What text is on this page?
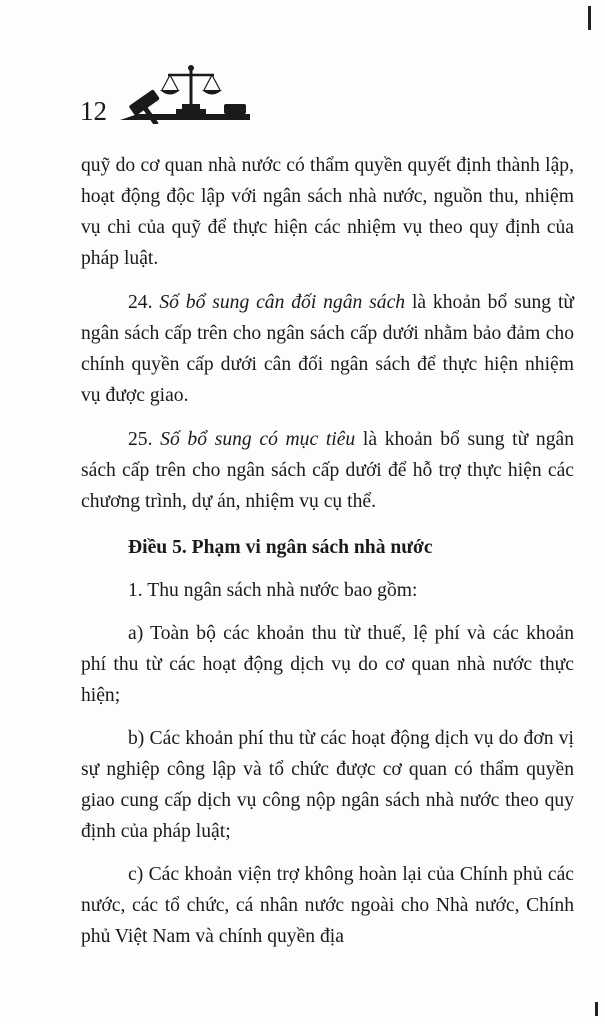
12

quỹ do cơ quan nhà nước có thẩm quyền quyết định thành lập, hoạt động độc lập với ngân sách nhà nước, nguồn thu, nhiệm vụ chi của quỹ để thực hiện các nhiệm vụ theo quy định của pháp luật.

24. Số bổ sung cân đối ngân sách là khoản bổ sung từ ngân sách cấp trên cho ngân sách cấp dưới nhằm bảo đảm cho chính quyền cấp dưới cân đối ngân sách để thực hiện nhiệm vụ được giao.

25. Số bổ sung có mục tiêu là khoản bổ sung từ ngân sách cấp trên cho ngân sách cấp dưới để hỗ trợ thực hiện các chương trình, dự án, nhiệm vụ cụ thể.

Điều 5. Phạm vi ngân sách nhà nước

1. Thu ngân sách nhà nước bao gồm:

a) Toàn bộ các khoản thu từ thuế, lệ phí và các khoản phí thu từ các hoạt động dịch vụ do cơ quan nhà nước thực hiện;

b) Các khoản phí thu từ các hoạt động dịch vụ do đơn vị sự nghiệp công lập và tổ chức được cơ quan có thẩm quyền giao cung cấp dịch vụ công nộp ngân sách nhà nước theo quy định của pháp luật;

c) Các khoản viện trợ không hoàn lại của Chính phủ các nước, các tổ chức, cá nhân nước ngoài cho Nhà nước, Chính phủ Việt Nam và chính quyền địa
